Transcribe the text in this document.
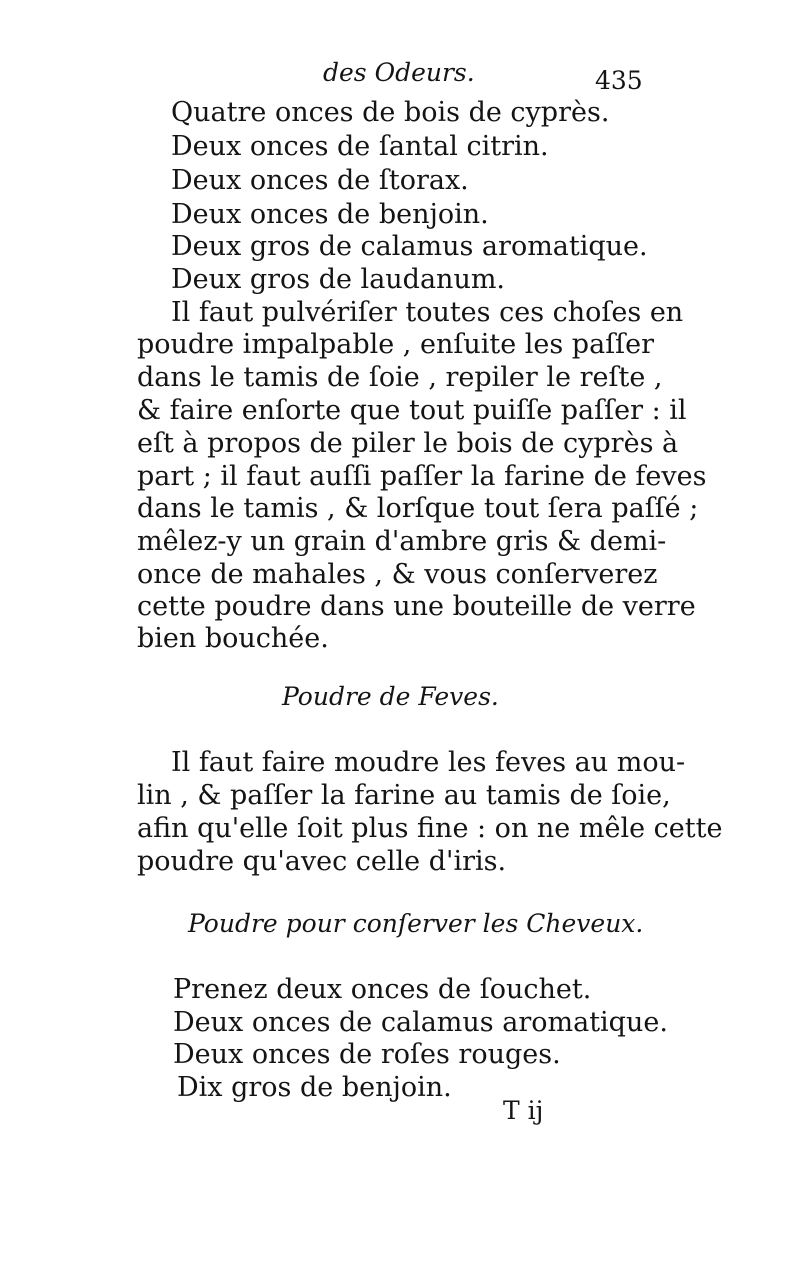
des Odeurs.	435
Quatre onces de bois de cyprès.
Deux onces de ſantal citrin.
Deux onces de ſtorax.
Deux onces de benjoin.
Deux gros de calamus aromatique.
Deux gros de laudanum.
Il faut pulvériſer toutes ces choſes en
poudre impalpable , enſuite les paſſer
dans le tamis de ſoie , repiler le reſte ,
& faire enſorte que tout puiſſe paſſer : il
eſt à propos de piler le bois de cyprès à
part ; il faut auſſi paſſer la farine de feves
dans le tamis , & lorſque tout ſera paſſé ;
mêlez-y un grain d'ambre gris & demi-
once de mahales , & vous conſerverez
cette poudre dans une bouteille de verre
bien bouchée.
Poudre de Feves.
Il faut faire moudre les feves au mou-
lin , & paſſer la farine au tamis de ſoie,
afin qu'elle ſoit plus fine : on ne mêle cette
poudre qu'avec celle d'iris.
Poudre pour conſerver les Cheveux.
Prenez deux onces de ſouchet.
Deux onces de calamus aromatique.
Deux onces de roſes rouges.
Dix gros de benjoin.
T ij
